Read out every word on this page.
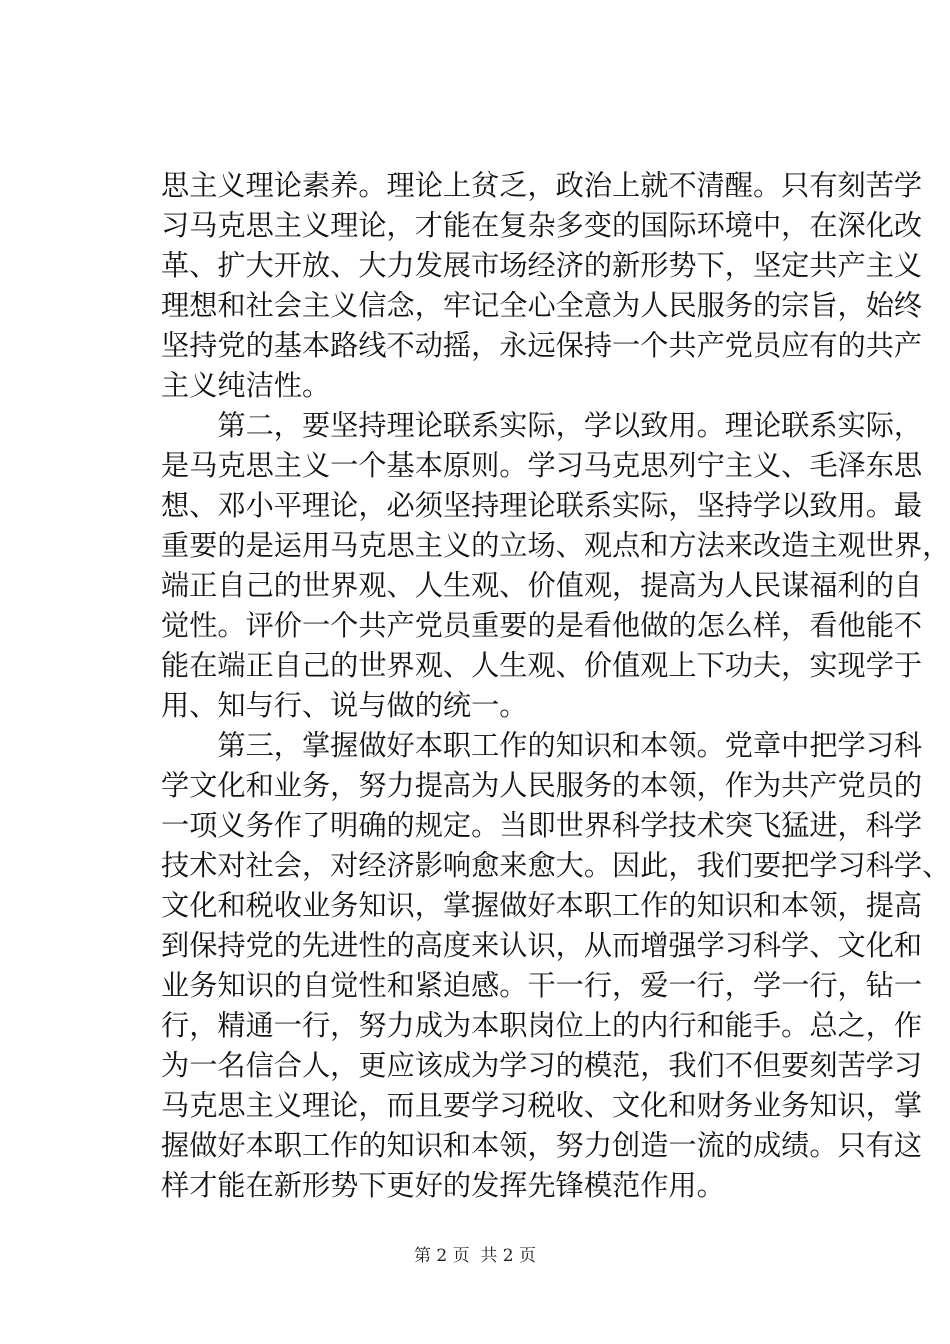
思主义理论素养。理论上贫乏，政治上就不清醒。只有刻苦学
习马克思主义理论，才能在复杂多变的国际环境中，在深化改
革、扩大开放、大力发展市场经济的新形势下，坚定共产主义
理想和社会主义信念，牢记全心全意为人民服务的宗旨，始终
坚持党的基本路线不动摇，永远保持一个共产党员应有的共产
主义纯洁性。
　　第二，要坚持理论联系实际，学以致用。理论联系实际，
是马克思主义一个基本原则。学习马克思列宁主义、毛泽东思
想、邓小平理论，必须坚持理论联系实际，坚持学以致用。最
重要的是运用马克思主义的立场、观点和方法来改造主观世界，
端正自己的世界观、人生观、价值观，提高为人民谋福利的自
觉性。评价一个共产党员重要的是看他做的怎么样，看他能不
能在端正自己的世界观、人生观、价值观上下功夫，实现学于
用、知与行、说与做的统一。
　　第三，掌握做好本职工作的知识和本领。党章中把学习科
学文化和业务，努力提高为人民服务的本领，作为共产党员的
一项义务作了明确的规定。当即世界科学技术突飞猛进，科学
技术对社会，对经济影响愈来愈大。因此，我们要把学习科学、
文化和税收业务知识，掌握做好本职工作的知识和本领，提高
到保持党的先进性的高度来认识，从而增强学习科学、文化和
业务知识的自觉性和紧迫感。干一行，爱一行，学一行，钻一
行，精通一行，努力成为本职岗位上的内行和能手。总之，作
为一名信合人，更应该成为学习的模范，我们不但要刻苦学习
马克思主义理论，而且要学习税收、文化和财务业务知识，掌
握做好本职工作的知识和本领，努力创造一流的成绩。只有这
样才能在新形势下更好的发挥先锋模范作用。
第 2 页  共 2 页
